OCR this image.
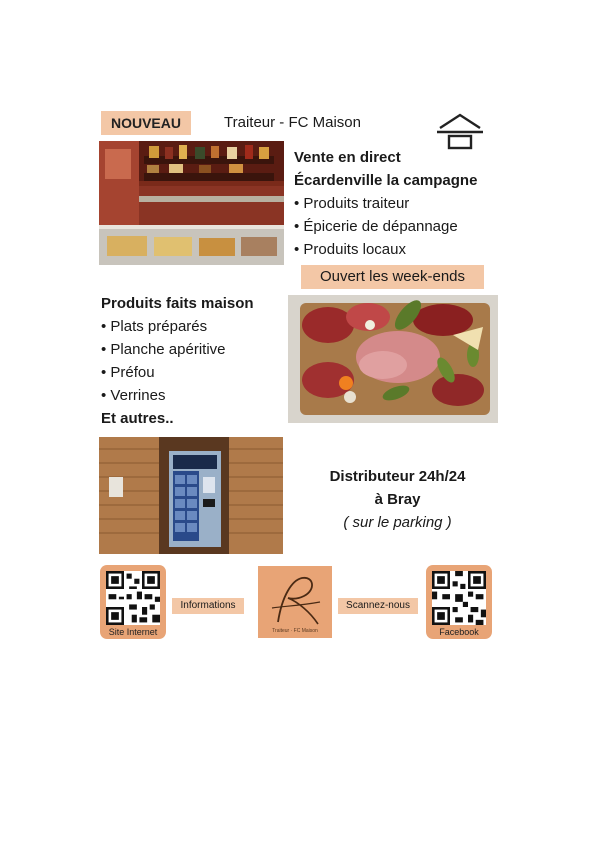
NOUVEAU	Traiteur - FC Maison
Vente en direct
Écardenville la campagne
• Produits traiteur
• Épicerie de dépannage
• Produits locaux
Ouvert les week-ends
Produits faits maison
• Plats préparés
• Planche apéritive
• Préfou
• Verrines
Et autres..
Distributeur 24h/24
à Bray
( sur le parking )
Site Internet
Informations
Traiteur · FC Maison
Scannez-nous
Facebook
